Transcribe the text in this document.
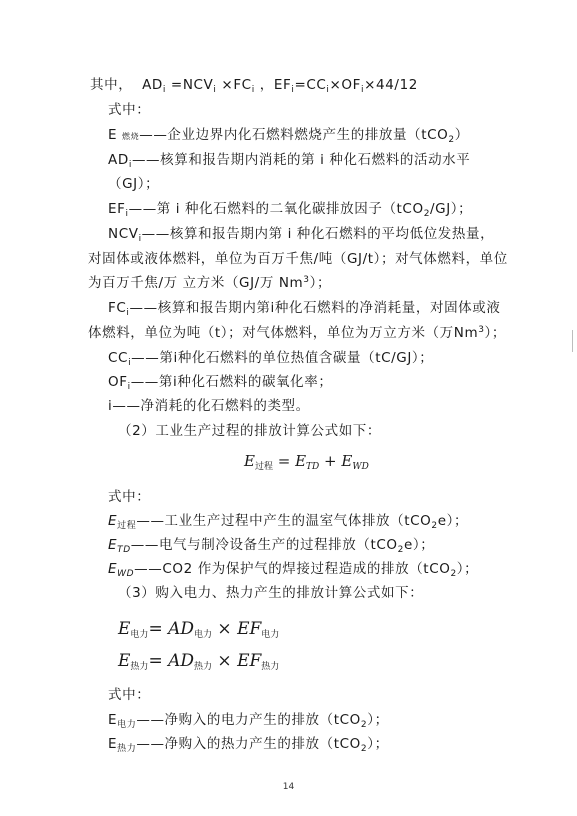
其中，  $AD_i =NCV_i \times FC_i$ ，$EF_i=CC_i\times OF_i\times 44/12$
式中：
E 燃烧——企业边界内化石燃料燃烧产生的排放量（tCO$_2$）
$AD_i——$核算和报告期内消耗的第 i 种化石燃料的活动水平
（GJ）；
$EF_i——$第 i 种化石燃料的二氧化碳排放因子（tCO$_2$/GJ）；
$NCV_i——$核算和报告期内第 i 种化石燃料的平均低位发热量，
对固体或液体燃料，单位为百万千焦/吨（GJ/t）；对气体燃料，单位
为百万千焦/万 立方米（GJ/万 Nm$^3$）；
$FC_i——$核算和报告期内第i种化石燃料的净消耗量，对固体或液
体燃料，单位为吨（t）；对气体燃料，单位为万立方米（万Nm$^3$）；
$CC_i——$第i种化石燃料的单位热值含碳量（tC/GJ）；
$OF_i——$第i种化石燃料的碳氧化率；
i——净消耗的化石燃料的类型。
（2）工业生产过程的排放计算公式如下：
$E_{过程} = E_{TD} + E_{WD}$
式中：
$E_{过程}——$工业生产过程中产生的温室气体排放（tCO$_2$e）；
$E_{TD}——$电气与制冷设备生产的过程排放（tCO$_2$e）；
$E_{WD}——CO2$ 作为保护气的焊接过程造成的排放（tCO$_2$）；
（3）购入电力、热力产生的排放计算公式如下：
$E_{电力}= AD_{电力} \times EF_{电力}$
$E_{热力}= AD_{热力} \times EF_{热力}$
式中：
$E_{电力}——$净购入的电力产生的排放（tCO$_2$）；
$E_{热力}——$净购入的热力产生的排放（tCO$_2$）；
14
